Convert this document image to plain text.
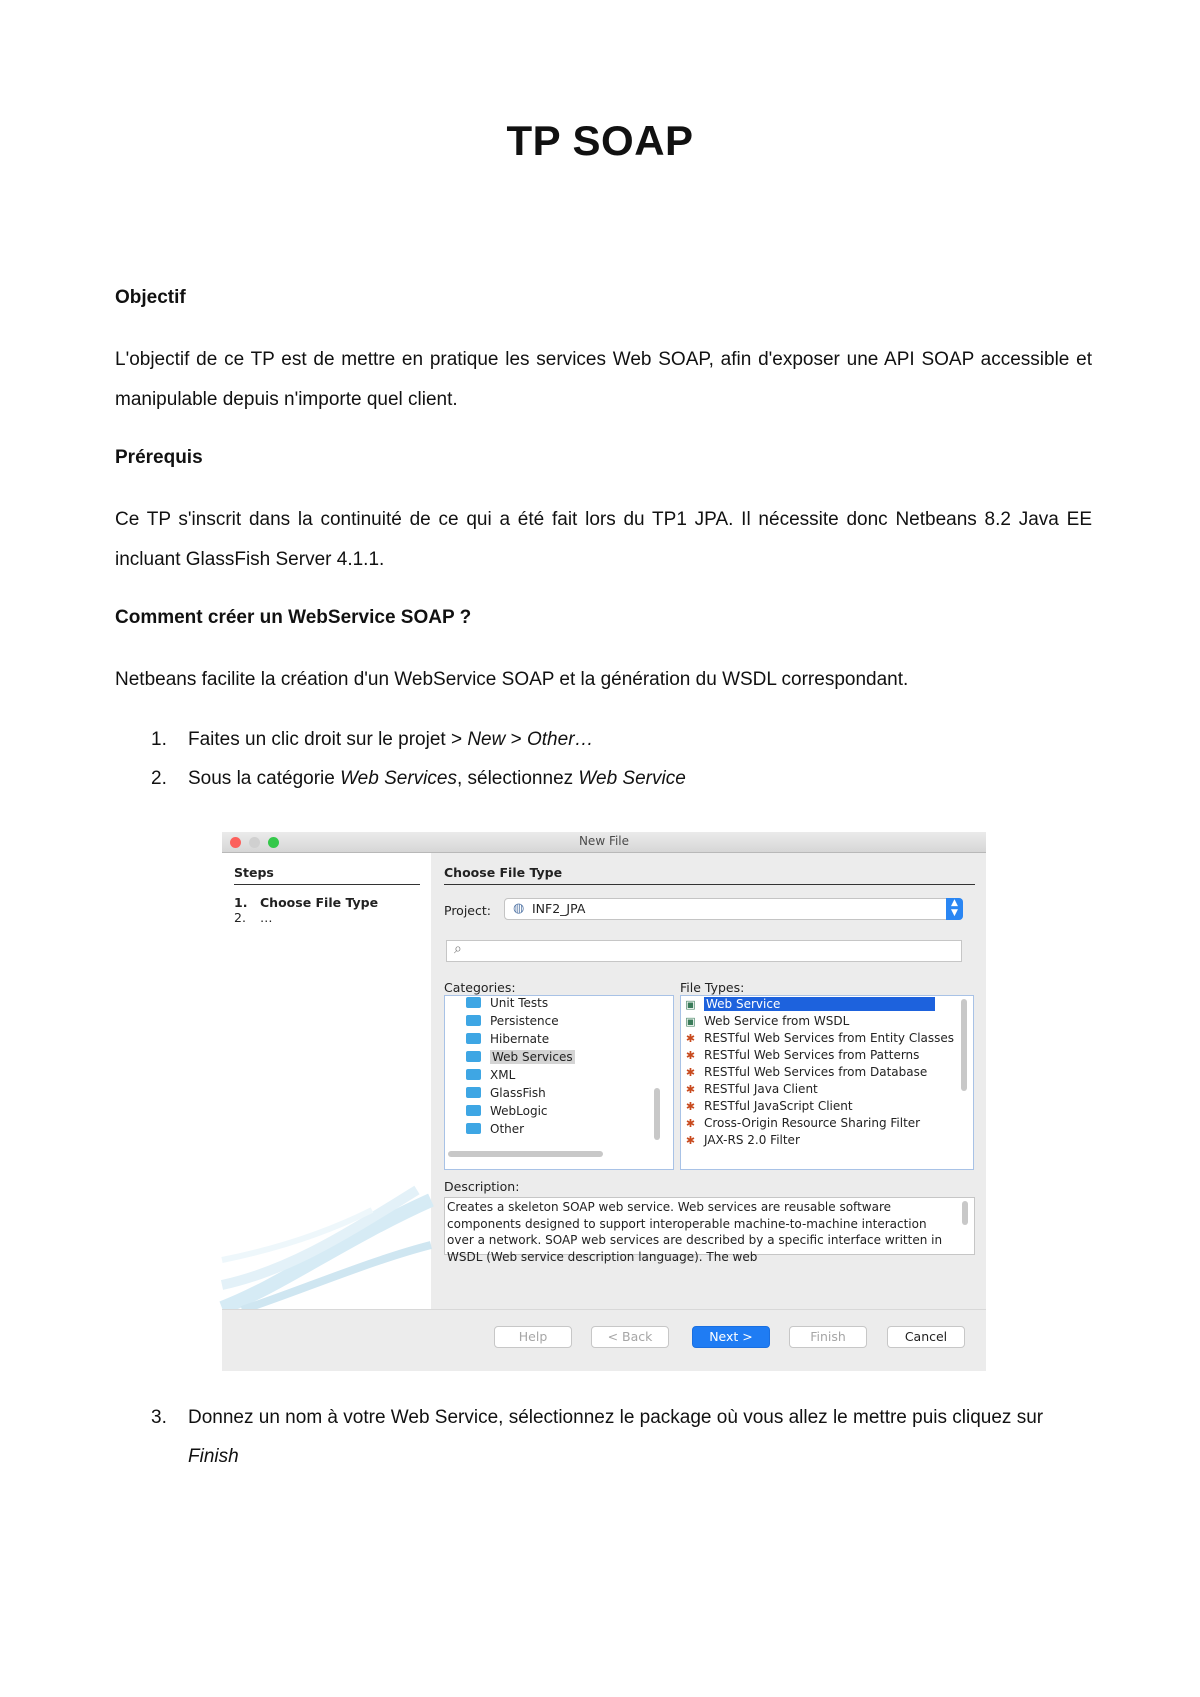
TP SOAP
Objectif
L'objectif de ce TP est de mettre en pratique les services Web SOAP, afin d'exposer une API SOAP accessible et manipulable depuis n'importe quel client.
Prérequis
Ce TP s'inscrit dans la continuité de ce qui a été fait lors du TP1 JPA. Il nécessite donc Netbeans 8.2 Java EE incluant GlassFish Server 4.1.1.
Comment créer un WebService SOAP ?
Netbeans facilite la création d'un WebService SOAP et la génération du WSDL correspondant.
1.	Faites un clic droit sur le projet > New > Other…
2.	Sous la catégorie Web Services, sélectionnez Web Service
New File
Steps
1. Choose File Type
2. …
Choose File Type
Project: ◍ INF2_JPA	▲
▼
⌕
Categories:
Unit Tests
Persistence
Hibernate
Web Services
XML
GlassFish
WebLogic
Other
File Types:
▣ Web Service
▣ Web Service from WSDL
✱ RESTful Web Services from Entity Classes
✱ RESTful Web Services from Patterns
✱ RESTful Web Services from Database
✱ RESTful Java Client
✱ RESTful JavaScript Client
✱ Cross-Origin Resource Sharing Filter
✱ JAX-RS 2.0 Filter
Description:
Creates a skeleton SOAP web service. Web services are reusable software components designed to support interoperable machine-to-machine interaction over a network. SOAP web services are described by a specific interface written in WSDL (Web service description language). The web
Help	< Back	Next >	Finish	Cancel
3.	Donnez un nom à votre Web Service, sélectionnez le package où vous allez le mettre puis cliquez sur Finish
